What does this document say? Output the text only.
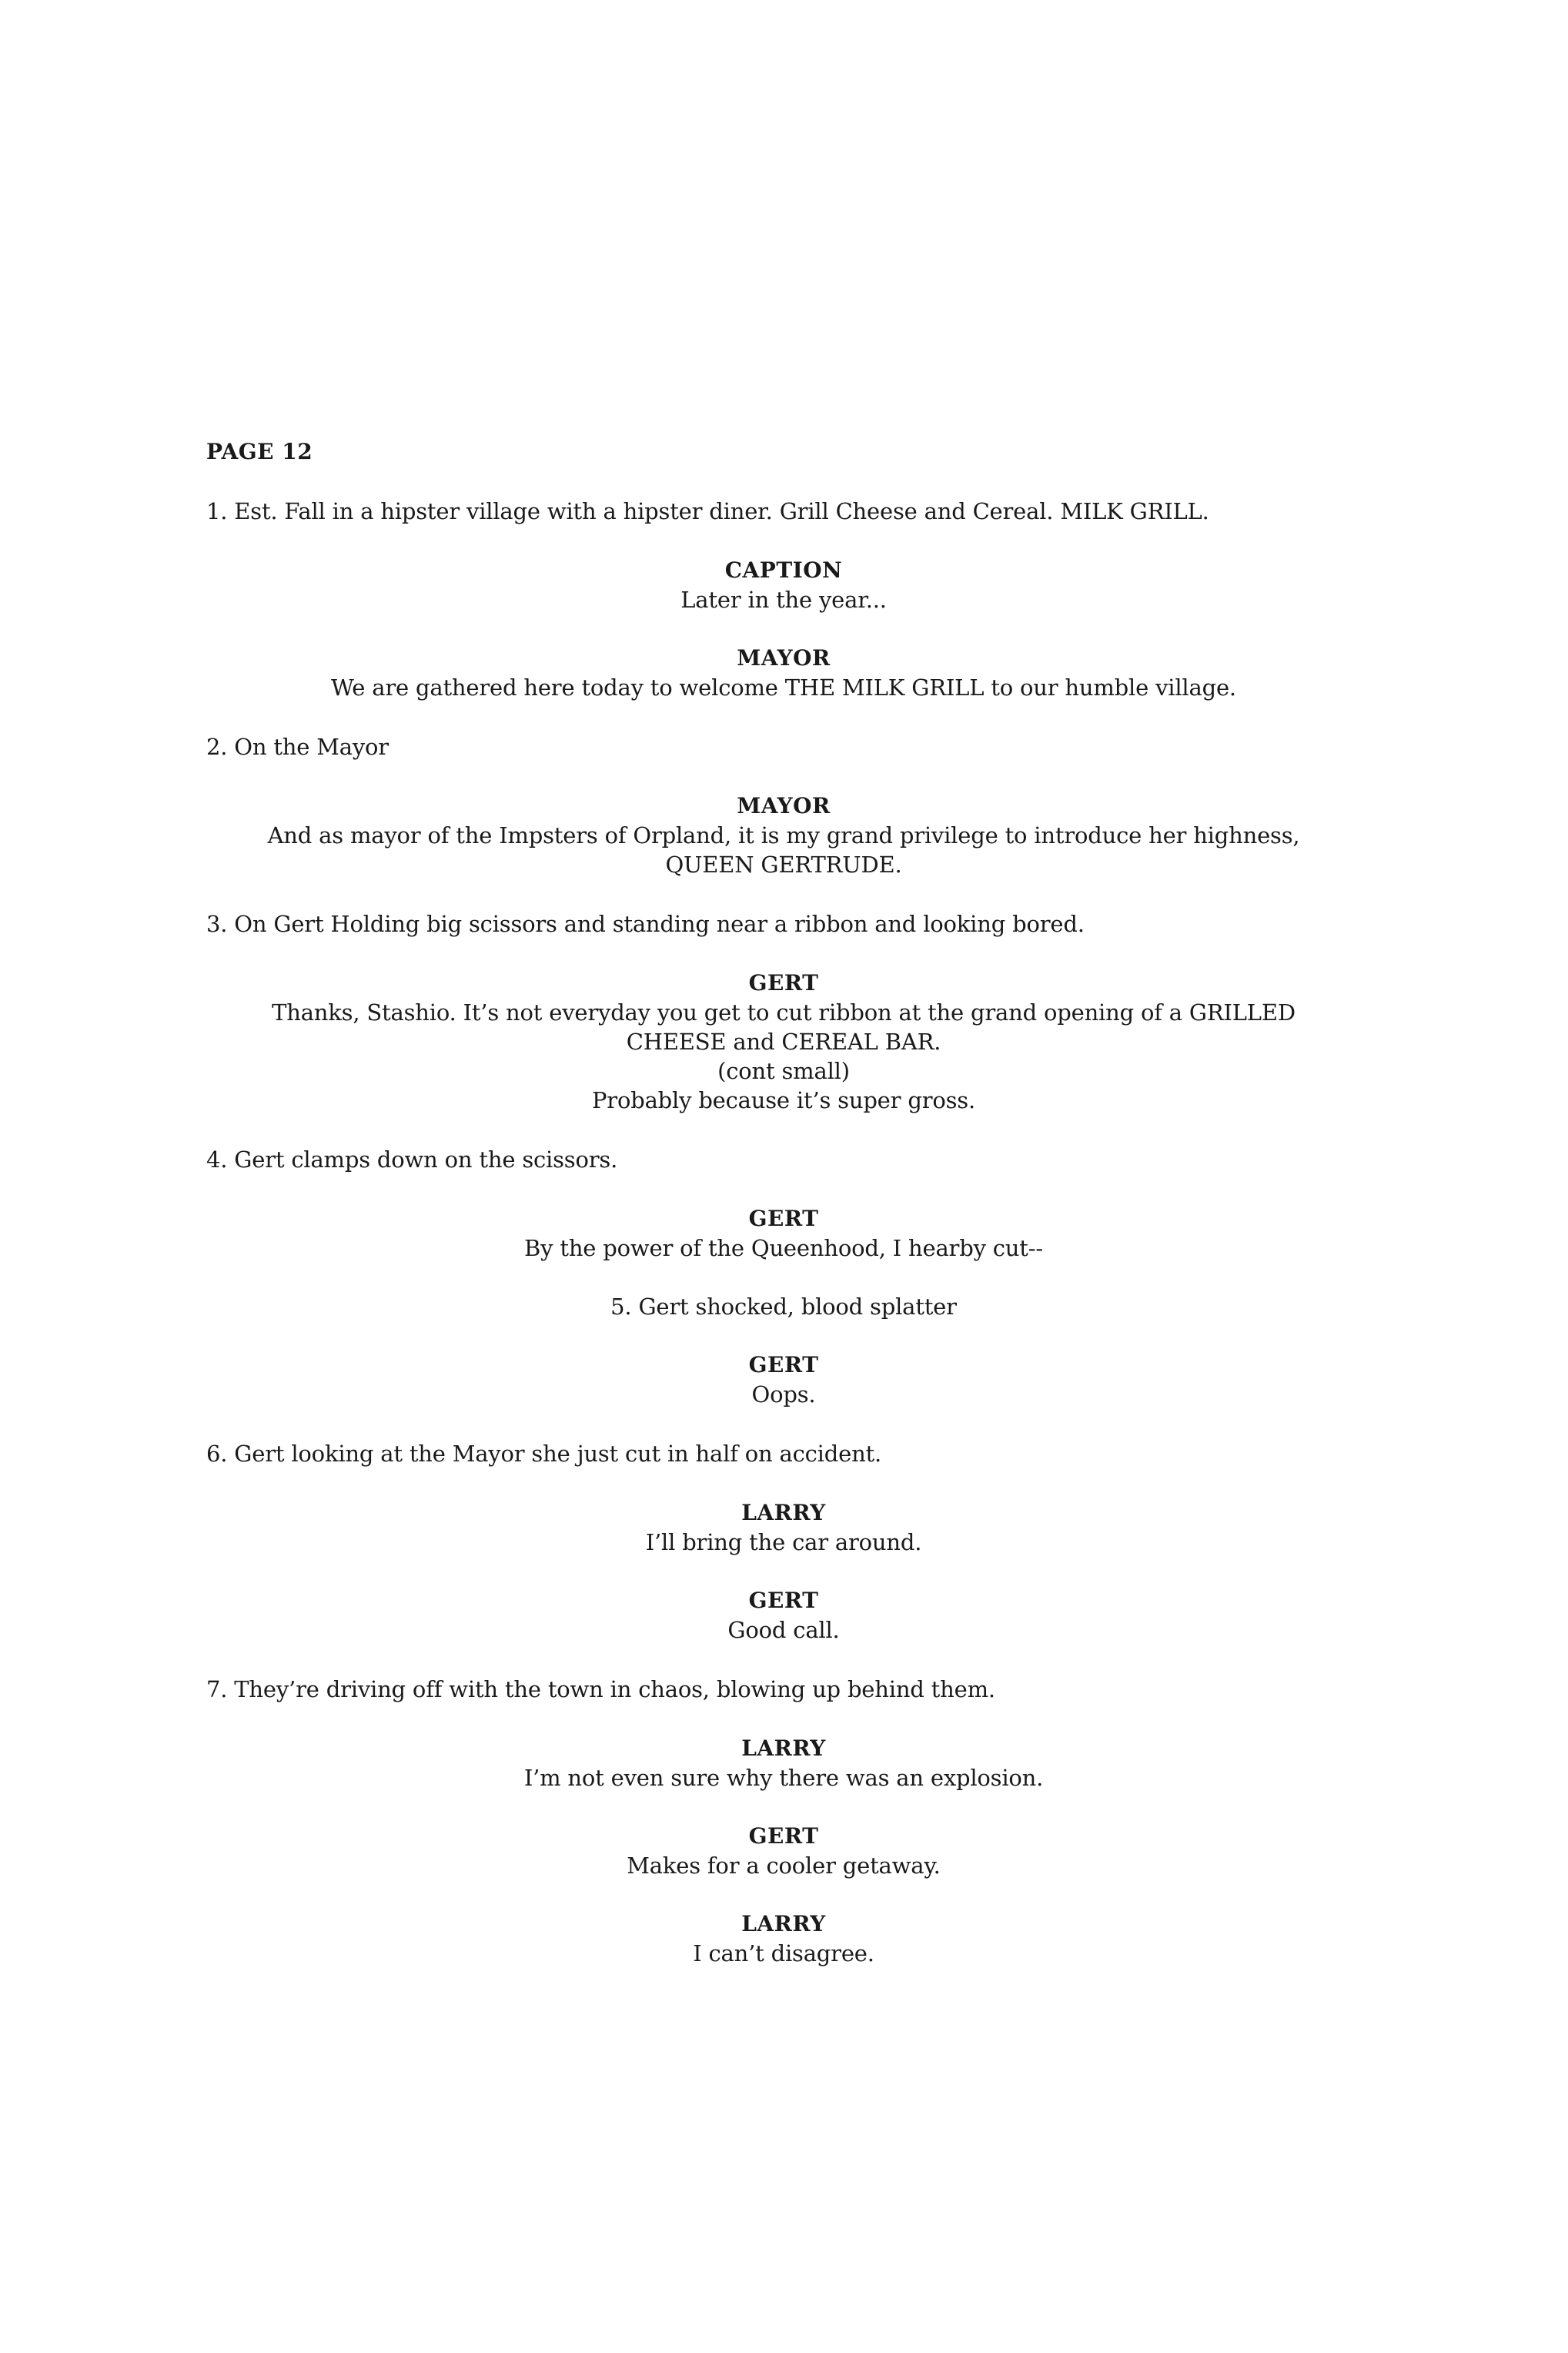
PAGE 12
1. Est. Fall in a hipster village with a hipster diner. Grill Cheese and Cereal. MILK GRILL.
CAPTION
Later in the year...
MAYOR
We are gathered here today to welcome THE MILK GRILL to our humble village.
2. On the Mayor
MAYOR
And as mayor of the Impsters of Orpland, it is my grand privilege to introduce her highness,
QUEEN GERTRUDE.
3. On Gert Holding big scissors and standing near a ribbon and looking bored.
GERT
Thanks, Stashio. It’s not everyday you get to cut ribbon at the grand opening of a GRILLED
CHEESE and CEREAL BAR.
(cont small)
Probably because it’s super gross.
4. Gert clamps down on the scissors.
GERT
By the power of the Queenhood, I hearby cut--
5. Gert shocked, blood splatter
GERT
Oops.
6. Gert looking at the Mayor she just cut in half on accident.
LARRY
I’ll bring the car around.
GERT
Good call.
7. They’re driving off with the town in chaos, blowing up behind them.
LARRY
I’m not even sure why there was an explosion.
GERT
Makes for a cooler getaway.
LARRY
I can’t disagree.
